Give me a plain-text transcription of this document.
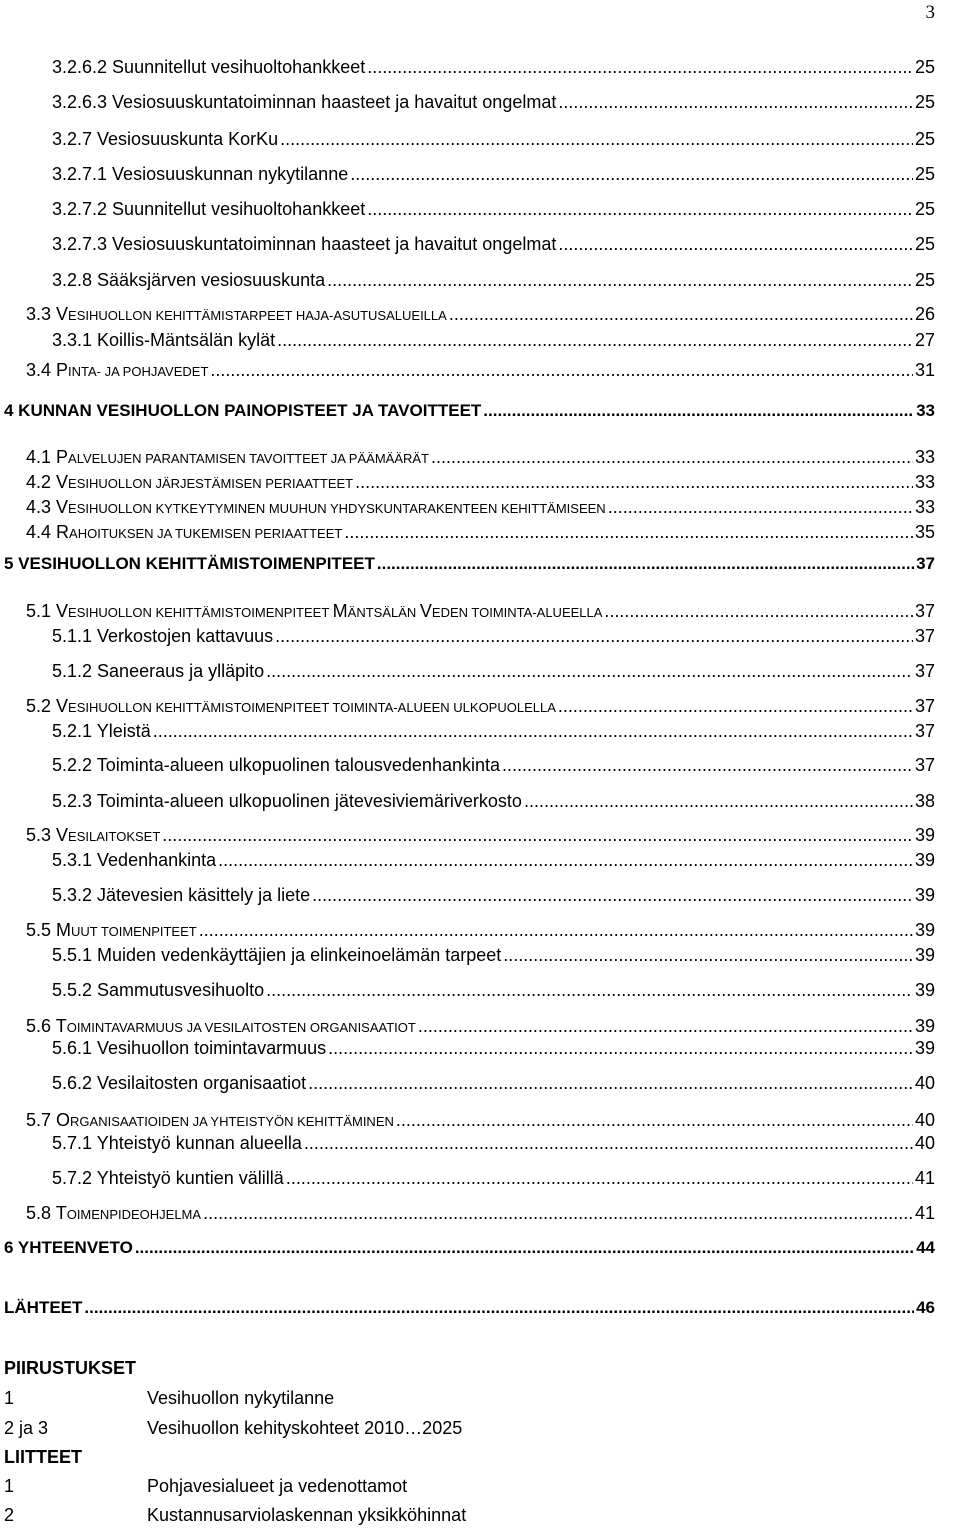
3
3.2.6.2 Suunnitellut vesihuoltohankkeet .....	25
3.2.6.3 Vesiosuuskuntatoiminnan haasteet ja havaitut ongelmat .....	25
3.2.7 Vesiosuuskunta KorKu .....	25
3.2.7.1 Vesiosuuskunnan nykytilanne .....	25
3.2.7.2 Suunnitellut vesihuoltohankkeet .....	25
3.2.7.3 Vesiosuuskuntatoiminnan haasteet ja havaitut ongelmat .....	25
3.2.8 Sääksjärven vesiosuuskunta .....	25
3.3 VESIHUOLLON KEHITTÄMISTARPEET HAJA-ASUTUSALUEILLA .....	26
3.3.1 Koillis-Mäntsälän kylät .....	27
3.4 PINTA- JA POHJAVEDET .....	31
4 KUNNAN VESIHUOLLON PAINOPISTEET JA TAVOITTEET .....	33
4.1 PALVELUJEN PARANTAMISEN TAVOITTEET JA PÄÄMÄÄRÄT .....	33
4.2 VESIHUOLLON JÄRJESTÄMISEN PERIAATTEET .....	33
4.3 VESIHUOLLON KYTKEYTYMINEN MUUHUN YHDYSKUNTARAKENTEEN KEHITTÄMISEEN .....	33
4.4 RAHOITUKSEN JA TUKEMISEN PERIAATTEET .....	35
5 VESIHUOLLON KEHITTÄMISTOIMENPITEET .....	37
5.1 VESIHUOLLON KEHITTÄMISTOIMENPITEET MÄNTSÄLÄN VEDEN TOIMINTA-ALUEELLA .....	37
5.1.1 Verkostojen kattavuus .....	37
5.1.2 Saneeraus ja ylläpito .....	37
5.2 VESIHUOLLON KEHITTÄMISTOIMENPITEET TOIMINTA-ALUEEN ULKOPUOLELLA .....	37
5.2.1 Yleistä .....	37
5.2.2 Toiminta-alueen ulkopuolinen talousvedenhankinta .....	37
5.2.3 Toiminta-alueen ulkopuolinen jätevesiviemäriverkosto .....	38
5.3 VESILAITOKSET .....	39
5.3.1 Vedenhankinta .....	39
5.3.2 Jätevesien käsittely ja liete .....	39
5.5 MUUT TOIMENPITEET .....	39
5.5.1 Muiden vedenkäyttäjien ja elinkeinoelämän tarpeet .....	39
5.5.2 Sammutusvesihuolto .....	39
5.6 TOIMINTAVARMUUS JA VESILAITOSTEN ORGANISAATIOT .....	39
5.6.1 Vesihuollon toimintavarmuus .....	39
5.6.2 Vesilaitosten organisaatiot .....	40
5.7 ORGANISAATIOIDEN JA YHTEISTYÖN KEHITTÄMINEN .....	40
5.7.1 Yhteistyö kunnan alueella .....	40
5.7.2 Yhteistyö kuntien välillä .....	41
5.8 TOIMENPIDEOHJELMA .....	41
6 YHTEENVETO .....	44
LÄHTEET .....	46
PIIRUSTUKSET
1	Vesihuollon nykytilanne
2 ja 3	Vesihuollon kehityskohteet 2010…2025
LIITTEET
1	Pohjavesialueet ja vedenottamot
2	Kustannusarviolaskennan yksikköhinnat
